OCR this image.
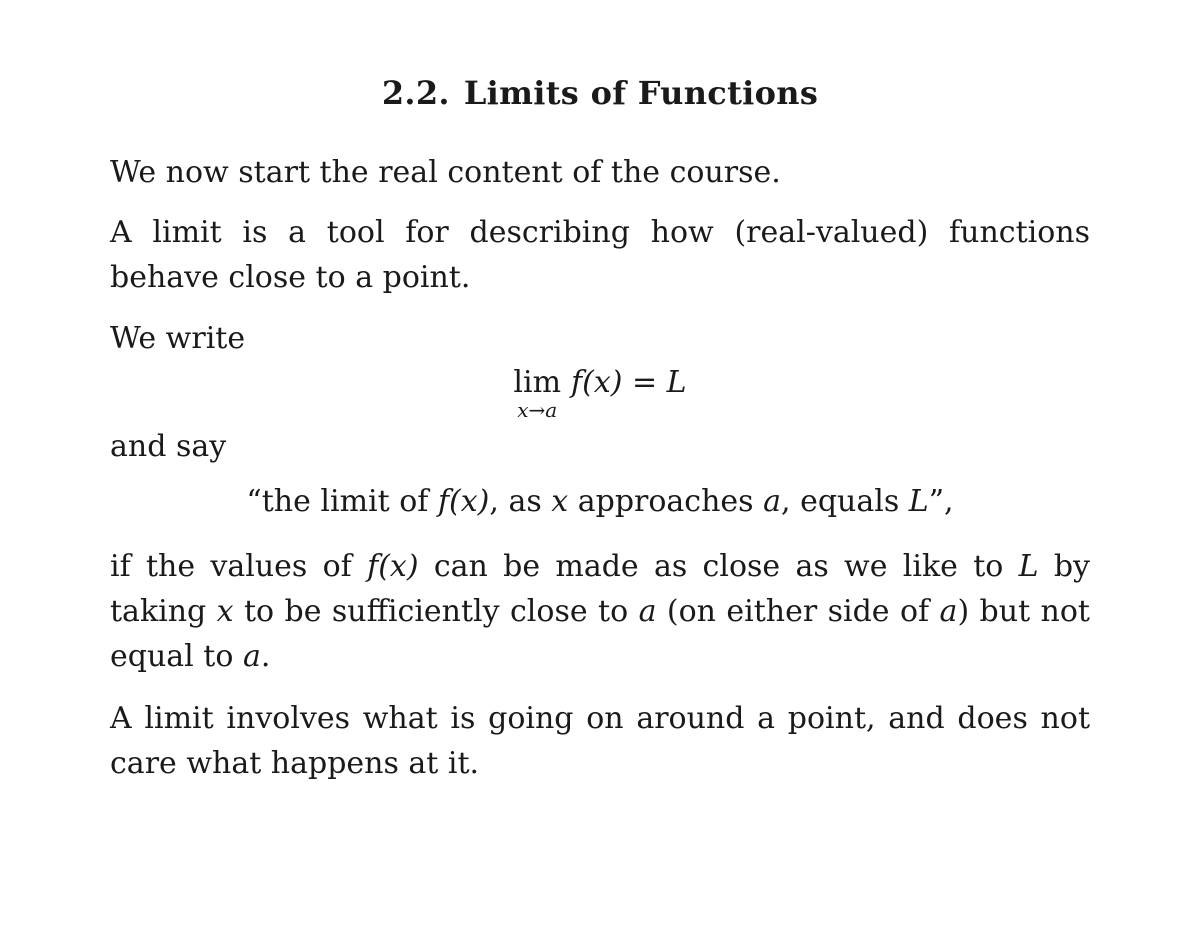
2.2. Limits of Functions
We now start the real content of the course.
A limit is a tool for describing how (real-valued) functions behave close to a point.
We write
lim
x→a
f(x) = L
and say
“the limit of f(x), as x approaches a, equals L”,
if the values of f(x) can be made as close as we like to L by taking x to be sufficiently close to a (on either side of a) but not equal to a.
A limit involves what is going on around a point, and does not care what happens at it.
